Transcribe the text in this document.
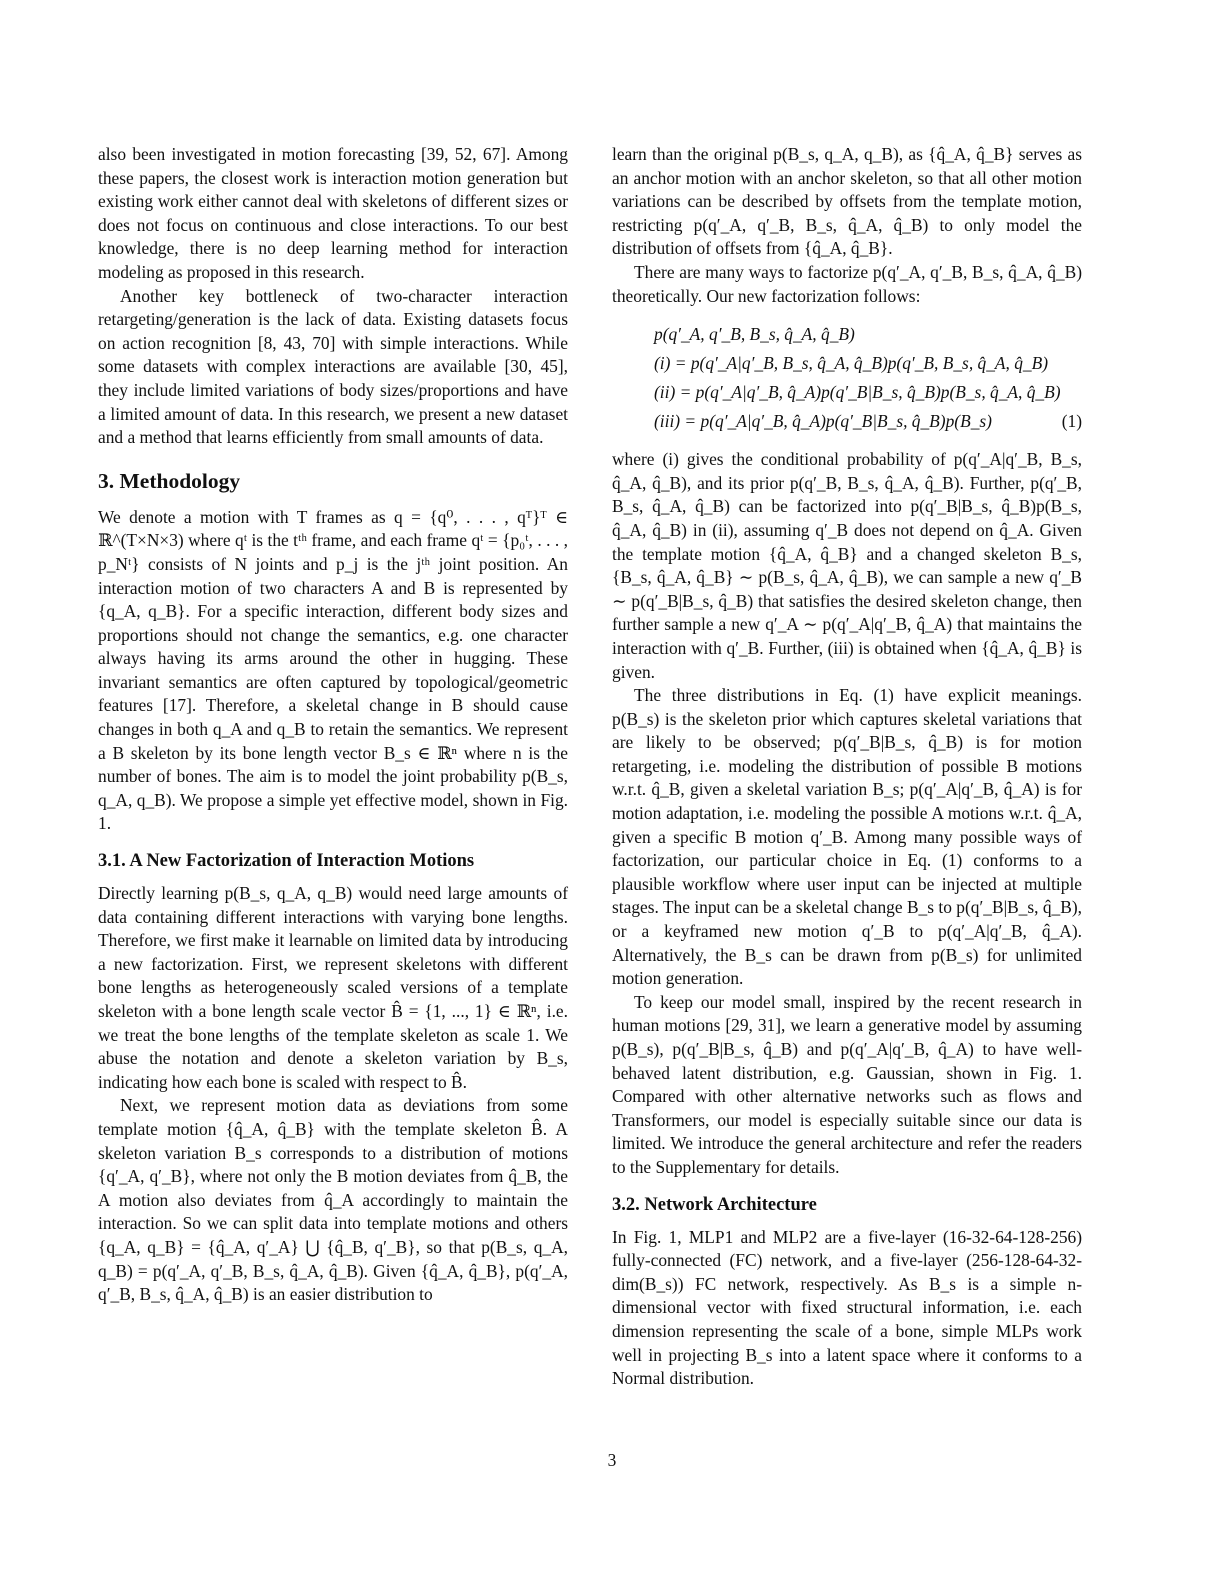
also been investigated in motion forecasting [39, 52, 67]. Among these papers, the closest work is interaction motion generation but existing work either cannot deal with skeletons of different sizes or does not focus on continuous and close interactions. To our best knowledge, there is no deep learning method for interaction modeling as proposed in this research.

Another key bottleneck of two-character interaction retargeting/generation is the lack of data. Existing datasets focus on action recognition [8, 43, 70] with simple interactions. While some datasets with complex interactions are available [30, 45], they include limited variations of body sizes/proportions and have a limited amount of data. In this research, we present a new dataset and a method that learns efficiently from small amounts of data.

3. Methodology

We denote a motion with T frames as q = {q⁰, . . . , qᵀ}ᵀ ∈ ℝ^(T×N×3) where qᵗ is the tᵗʰ frame, and each frame qᵗ = {p₀ᵗ, . . . , p_Nᵗ} consists of N joints and p_j is the jᵗʰ joint position. An interaction motion of two characters A and B is represented by {q_A, q_B}. For a specific interaction, different body sizes and proportions should not change the semantics, e.g. one character always having its arms around the other in hugging. These invariant semantics are often captured by topological/geometric features [17]. Therefore, a skeletal change in B should cause changes in both q_A and q_B to retain the semantics. We represent a B skeleton by its bone length vector B_s ∈ ℝⁿ where n is the number of bones. The aim is to model the joint probability p(B_s, q_A, q_B). We propose a simple yet effective model, shown in Fig. 1.

3.1. A New Factorization of Interaction Motions

Directly learning p(B_s, q_A, q_B) would need large amounts of data containing different interactions with varying bone lengths. Therefore, we first make it learnable on limited data by introducing a new factorization. First, we represent skeletons with different bone lengths as heterogeneously scaled versions of a template skeleton with a bone length scale vector B̂ = {1, ..., 1} ∈ ℝⁿ, i.e. we treat the bone lengths of the template skeleton as scale 1. We abuse the notation and denote a skeleton variation by B_s, indicating how each bone is scaled with respect to B̂.

Next, we represent motion data as deviations from some template motion {q̂_A, q̂_B} with the template skeleton B̂. A skeleton variation B_s corresponds to a distribution of motions {q′_A, q′_B}, where not only the B motion deviates from q̂_B, the A motion also deviates from q̂_A accordingly to maintain the interaction. So we can split data into template motions and others {q_A, q_B} = {q̂_A, q′_A} ⋃ {q̂_B, q′_B}, so that p(B_s, q_A, q_B) = p(q′_A, q′_B, B_s, q̂_A, q̂_B). Given {q̂_A, q̂_B}, p(q′_A, q′_B, B_s, q̂_A, q̂_B) is an easier distribution to

learn than the original p(B_s, q_A, q_B), as {q̂_A, q̂_B} serves as an anchor motion with an anchor skeleton, so that all other motion variations can be described by offsets from the template motion, restricting p(q′_A, q′_B, B_s, q̂_A, q̂_B) to only model the distribution of offsets from {q̂_A, q̂_B}.

There are many ways to factorize p(q′_A, q′_B, B_s, q̂_A, q̂_B) theoretically. Our new factorization follows:

p(q′_A, q′_B, B_s, q̂_A, q̂_B)
(i) = p(q′_A|q′_B, B_s, q̂_A, q̂_B)p(q′_B, B_s, q̂_A, q̂_B)
(ii) = p(q′_A|q′_B, q̂_A)p(q′_B|B_s, q̂_B)p(B_s, q̂_A, q̂_B)
(iii) = p(q′_A|q′_B, q̂_A)p(q′_B|B_s, q̂_B)p(B_s)	(1)

where (i) gives the conditional probability of p(q′_A|q′_B, B_s, q̂_A, q̂_B), and its prior p(q′_B, B_s, q̂_A, q̂_B). Further, p(q′_B, B_s, q̂_A, q̂_B) can be factorized into p(q′_B|B_s, q̂_B)p(B_s, q̂_A, q̂_B) in (ii), assuming q′_B does not depend on q̂_A. Given the template motion {q̂_A, q̂_B} and a changed skeleton B_s, {B_s, q̂_A, q̂_B} ∼ p(B_s, q̂_A, q̂_B), we can sample a new q′_B ∼ p(q′_B|B_s, q̂_B) that satisfies the desired skeleton change, then further sample a new q′_A ∼ p(q′_A|q′_B, q̂_A) that maintains the interaction with q′_B. Further, (iii) is obtained when {q̂_A, q̂_B} is given.

The three distributions in Eq. (1) have explicit meanings. p(B_s) is the skeleton prior which captures skeletal variations that are likely to be observed; p(q′_B|B_s, q̂_B) is for motion retargeting, i.e. modeling the distribution of possible B motions w.r.t. q̂_B, given a skeletal variation B_s; p(q′_A|q′_B, q̂_A) is for motion adaptation, i.e. modeling the possible A motions w.r.t. q̂_A, given a specific B motion q′_B. Among many possible ways of factorization, our particular choice in Eq. (1) conforms to a plausible workflow where user input can be injected at multiple stages. The input can be a skeletal change B_s to p(q′_B|B_s, q̂_B), or a keyframed new motion q′_B to p(q′_A|q′_B, q̂_A). Alternatively, the B_s can be drawn from p(B_s) for unlimited motion generation.

To keep our model small, inspired by the recent research in human motions [29, 31], we learn a generative model by assuming p(B_s), p(q′_B|B_s, q̂_B) and p(q′_A|q′_B, q̂_A) to have well-behaved latent distribution, e.g. Gaussian, shown in Fig. 1. Compared with other alternative networks such as flows and Transformers, our model is especially suitable since our data is limited. We introduce the general architecture and refer the readers to the Supplementary for details.

3.2. Network Architecture

In Fig. 1, MLP1 and MLP2 are a five-layer (16-32-64-128-256) fully-connected (FC) network, and a five-layer (256-128-64-32-dim(B_s)) FC network, respectively. As B_s is a simple n-dimensional vector with fixed structural information, i.e. each dimension representing the scale of a bone, simple MLPs work well in projecting B_s into a latent space where it conforms to a Normal distribution.

3
